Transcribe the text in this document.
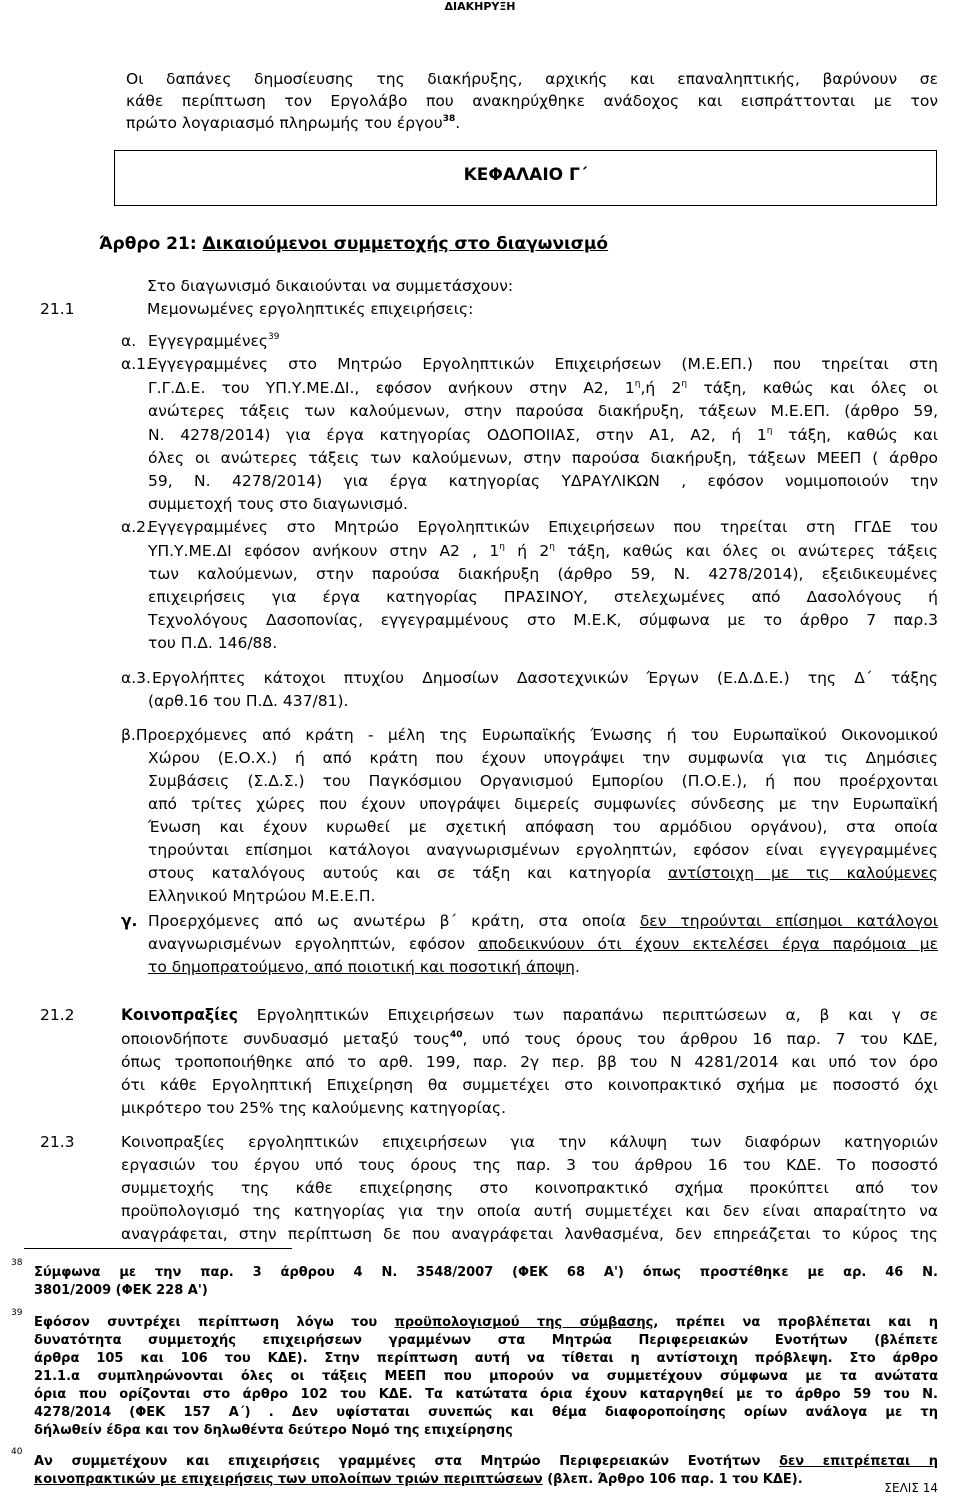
ΔΙΑΚΗΡΥΞΗ
Οι δαπάνες δημοσίευσης της διακήρυξης, αρχικής και επαναληπτικής, βαρύνουν σε
κάθε περίπτωση τον Εργολάβο που ανακηρύχθηκε ανάδοχος και εισπράττονται με τον
πρώτο λογαριασμό πληρωμής του έργου$^{38}$.
ΚΕΦΑΛΑΙΟ Γ΄
Άρθρο 21: Δικαιούμενοι συμμετοχής στο διαγωνισμό
21.1
Στο διαγωνισμό δικαιούνται να συμμετάσχουν:
Μεμονωμένες εργοληπτικές επιχειρήσεις:
α. Εγγεγραμμένες$^{39}$
α.1.
Εγγεγραμμένες στο Μητρώο Εργοληπτικών Επιχειρήσεων (Μ.Ε.ΕΠ.) που τηρείται στη
Γ.Γ.Δ.Ε. του ΥΠ.Υ.ΜΕ.ΔΙ., εφόσον ανήκουν στην Α2, $1^\eta,ή$ $2^\eta$ τάξη, καθώς και όλες οι
ανώτερες τάξεις των καλούμενων, στην παρούσα διακήρυξη, τάξεων Μ.Ε.ΕΠ. (άρθρο 59,
Ν. 4278/2014) για έργα κατηγορίας ΟΔΟΠΟΙΙΑΣ, στην Α1, Α2, ή $1^\eta$ τάξη, καθώς και
όλες οι ανώτερες τάξεις των καλούμενων, στην παρούσα διακήρυξη, τάξεων ΜΕΕΠ ( άρθρο
59, Ν. 4278/2014) για έργα κατηγορίας ΥΔΡΑΥΛΙΚΩΝ , εφόσον νομιμοποιούν την
συμμετοχή τους στο διαγωνισμό.
α.2.
Εγγεγραμμένες στο Μητρώο Εργοληπτικών Επιχειρήσεων που τηρείται στη ΓΓΔΕ του
ΥΠ.Υ.ΜΕ.ΔΙ εφόσον ανήκουν στην Α2 , $1^\eta$ ή $2^\eta$ τάξη, καθώς και όλες οι ανώτερες τάξεις
των καλούμενων, στην παρούσα διακήρυξη (άρθρο 59, Ν. 4278/2014), εξειδικευμένες
επιχειρήσεις για έργα κατηγορίας ΠΡΑΣΙΝΟΥ, στελεχωμένες από Δασολόγους ή
Τεχνολόγους Δασοπονίας, εγγεγραμμένους στο Μ.Ε.Κ, σύμφωνα με το άρθρο 7 παρ.3
του Π.Δ. 146/88.
α.3. Εργολήπτες κάτοχοι πτυχίου Δημοσίων Δασοτεχνικών Έργων (Ε.Δ.Δ.Ε.) της Δ΄ τάξης
(αρθ.16 του Π.Δ. 437/81).
β.Προερχόμενες από κράτη - μέλη της Ευρωπαϊκής Ένωσης ή του Ευρωπαϊκού Οικονομικού
Χώρου (Ε.Ο.Χ.) ή από κράτη που έχουν υπογράψει την συμφωνία για τις Δημόσιες
Συμβάσεις (Σ.Δ.Σ.) του Παγκόσμιου Οργανισμού Εμπορίου (Π.Ο.Ε.), ή που προέρχονται
από τρίτες χώρες που έχουν υπογράψει διμερείς συμφωνίες σύνδεσης με την Ευρωπαϊκή
Ένωση και έχουν κυρωθεί με σχετική απόφαση του αρμόδιου οργάνου), στα οποία
τηρούνται επίσημοι κατάλογοι αναγνωρισμένων εργοληπτών, εφόσον είναι εγγεγραμμένες
στους καταλόγους αυτούς και σε τάξη και κατηγορία αντίστοιχη με τις καλούμενες
Ελληνικού Μητρώου Μ.Ε.Ε.Π.
γ. Προερχόμενες από ως ανωτέρω β΄ κράτη, στα οποία δεν τηρούνται επίσημοι κατάλογοι
αναγνωρισμένων εργοληπτών, εφόσον αποδεικνύουν ότι έχουν εκτελέσει έργα παρόμοια με
το δημοπρατούμενο, από ποιοτική και ποσοτική άποψη.
21.2	Κοινοπραξίες Εργοληπτικών Επιχειρήσεων των παραπάνω περιπτώσεων α, β και γ σε
οποιονδήποτε συνδυασμό μεταξύ τους$^{40}$, υπό τους όρους του άρθρου 16 παρ. 7 του ΚΔΕ,
όπως τροποποιήθηκε από το αρθ. 199, παρ. 2γ περ. ββ του Ν 4281/2014 και υπό τον όρο
ότι κάθε Εργοληπτική Επιχείρηση θα συμμετέχει στο κοινοπρακτικό σχήμα με ποσοστό όχι
μικρότερο του 25% της καλούμενης κατηγορίας.
21.3	Κοινοπραξίες εργοληπτικών επιχειρήσεων για την κάλυψη των διαφόρων κατηγοριών
εργασιών του έργου υπό τους όρους της παρ. 3 του άρθρου 16 του ΚΔΕ. Το ποσοστό
συμμετοχής της κάθε επιχείρησης στο κοινοπρακτικό σχήμα προκύπτει από τον
προϋπολογισμό της κατηγορίας για την οποία αυτή συμμετέχει και δεν είναι απαραίτητο να
αναγράφεται, στην περίπτωση δε που αναγράφεται λανθασμένα, δεν επηρεάζεται το κύρος της
38
Σύμφωνα με την παρ. 3 άρθρου 4 Ν. 3548/2007 (ΦΕΚ 68 Α') όπως προστέθηκε με αρ. 46 Ν.
3801/2009 (ΦΕΚ 228 Α')
39
Εφόσον συντρέχει περίπτωση λόγω του προϋπολογισμού της σύμβασης, πρέπει να προβλέπεται και η
δυνατότητα συμμετοχής επιχειρήσεων γραμμένων στα Μητρώα Περιφερειακών Ενοτήτων (βλέπετε
άρθρα 105 και 106 του ΚΔΕ). Στην περίπτωση αυτή να τίθεται η αντίστοιχη πρόβλεψη. Στο άρθρο
21.1.α συμπληρώνονται όλες οι τάξεις ΜΕΕΠ που μπορούν να συμμετέχουν σύμφωνα με τα ανώτατα
όρια που ορίζονται στο άρθρο 102 του ΚΔΕ. Τα κατώτατα όρια έχουν καταργηθεί με το άρθρο 59 του Ν.
4278/2014 (ΦΕΚ 157 Α΄) . Δεν υφίσταται συνεπώς και θέμα διαφοροποίησης ορίων ανάλογα με τη
δήλωθείν έδρα και τον δηλωθέντα δεύτερο Νομό της επιχείρησης
40
Αν συμμετέχουν και επιχειρήσεις γραμμένες στα Μητρώο Περιφερειακών Ενοτήτων δεν επιτρέπεται η
κοινοπρακτικών με επιχειρήσεις των υπολοίπων τριών περιπτώσεων (βλεπ. Άρθρο 106 παρ. 1 του ΚΔΕ).
ΣΕΛΙΣ 14
